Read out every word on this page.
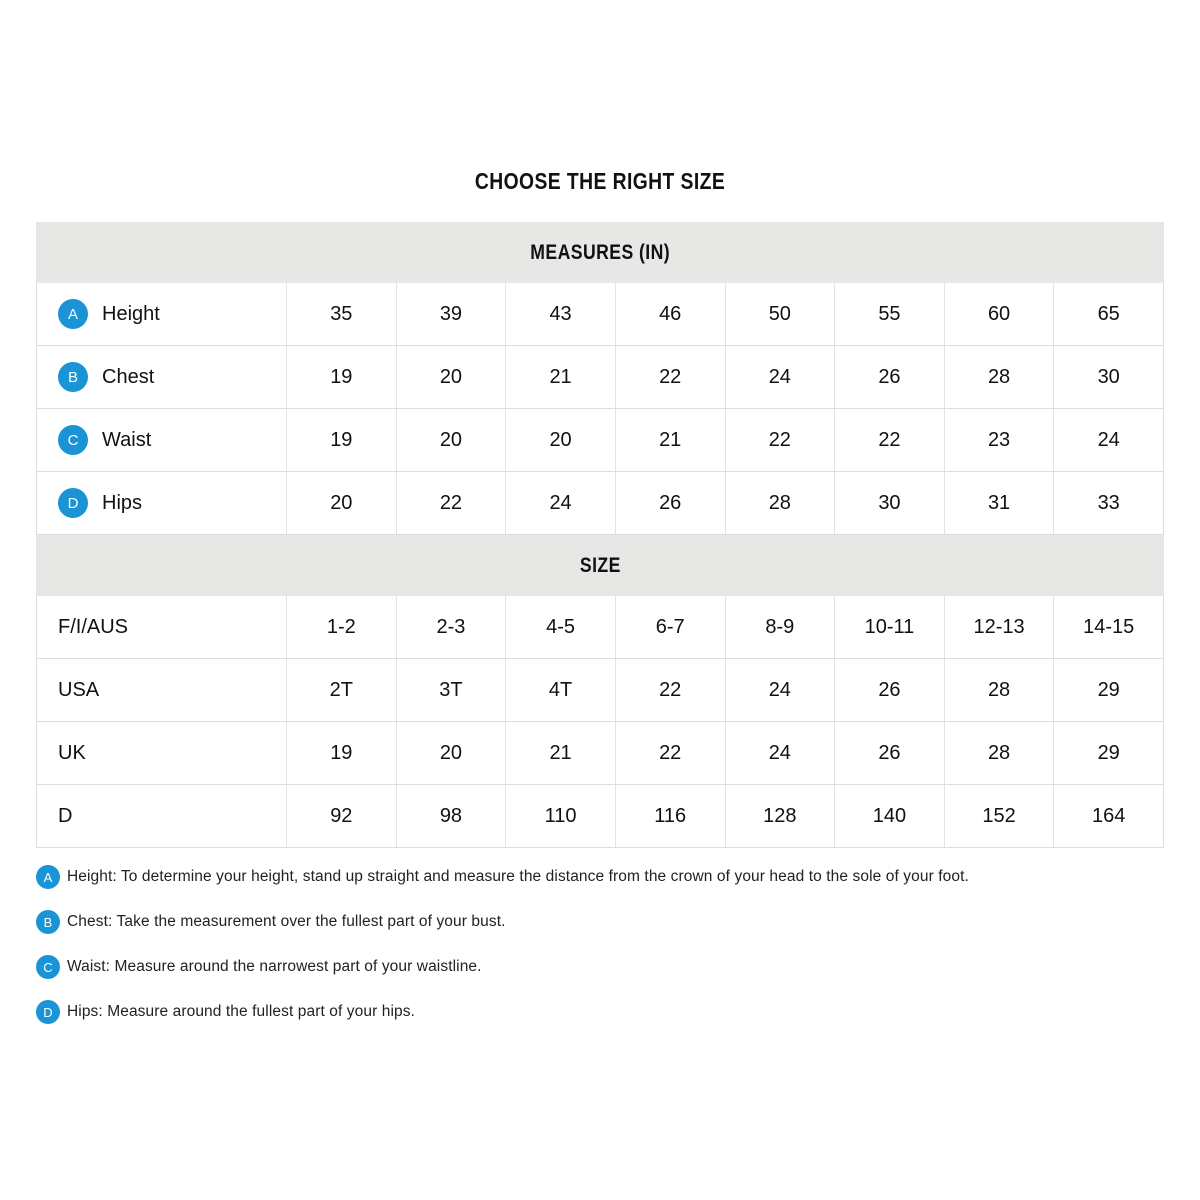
CHOOSE THE RIGHT SIZE
MEASURES (IN)
A	Height	35	39	43	46	50	55	60	65
B	Chest	19	20	21	22	24	26	28	30
C	Waist	19	20	20	21	22	22	23	24
D	Hips	20	22	24	26	28	30	31	33
SIZE
F/I/AUS	1-2	2-3	4-5	6-7	8-9	10-11	12-13	14-15
USA	2T	3T	4T	22	24	26	28	29
UK	19	20	21	22	24	26	28	29
D	92	98	110	116	128	140	152	164
A Height: To determine your height, stand up straight and measure the distance from the crown of your head to the sole of your foot.
B Chest: Take the measurement over the fullest part of your bust.
C Waist: Measure around the narrowest part of your waistline.
D Hips: Measure around the fullest part of your hips.
